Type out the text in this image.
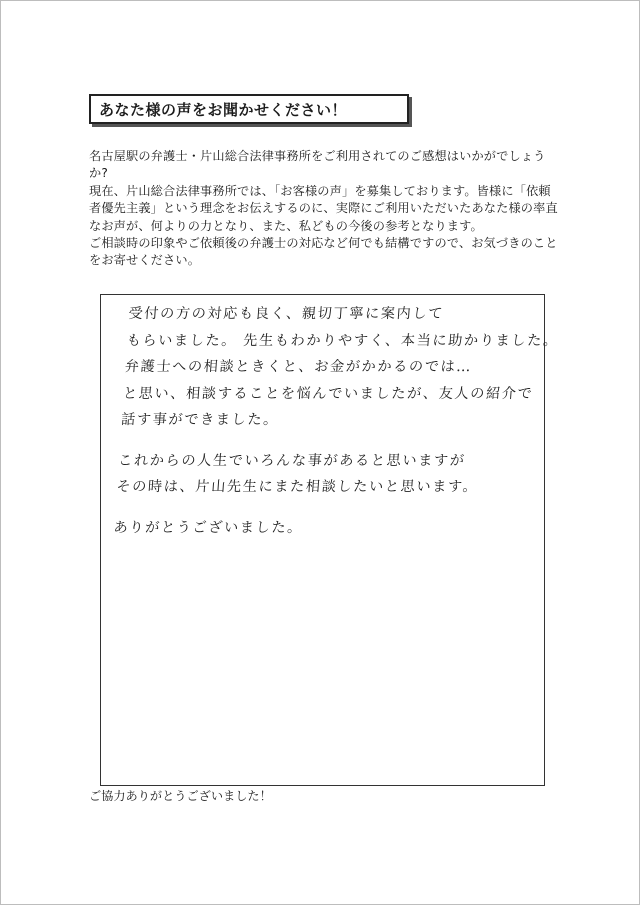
あなた様の声をお聞かせください！

名古屋駅の弁護士・片山総合法律事務所をご利用されてのご感想はいかがでしょうか?

現在、片山総合法律事務所では、「お客様の声」を募集しております。皆様に「依頼者優先主義」という理念をお伝えするのに、実際にご利用いただいたあなた様の率直なお声が、何よりの力となり、また、私どもの今後の参考となります。

ご相談時の印象やご依頼後の弁護士の対応など何でも結構ですので、お気づきのことをお寄せください。

受付の方の対応も良く、親切丁寧に案内して
もらいました。 先生もわかりやすく、本当に助かりました。
弁護士への相談ときくと、お金がかかるのでは…
と思い、相談することを悩んでいましたが、友人の紹介で
話す事ができました。
これからの人生でいろんな事があると思いますが
その時は、片山先生にまた相談したいと思います。
ありがとうございました。
ご協力ありがとうございました！
